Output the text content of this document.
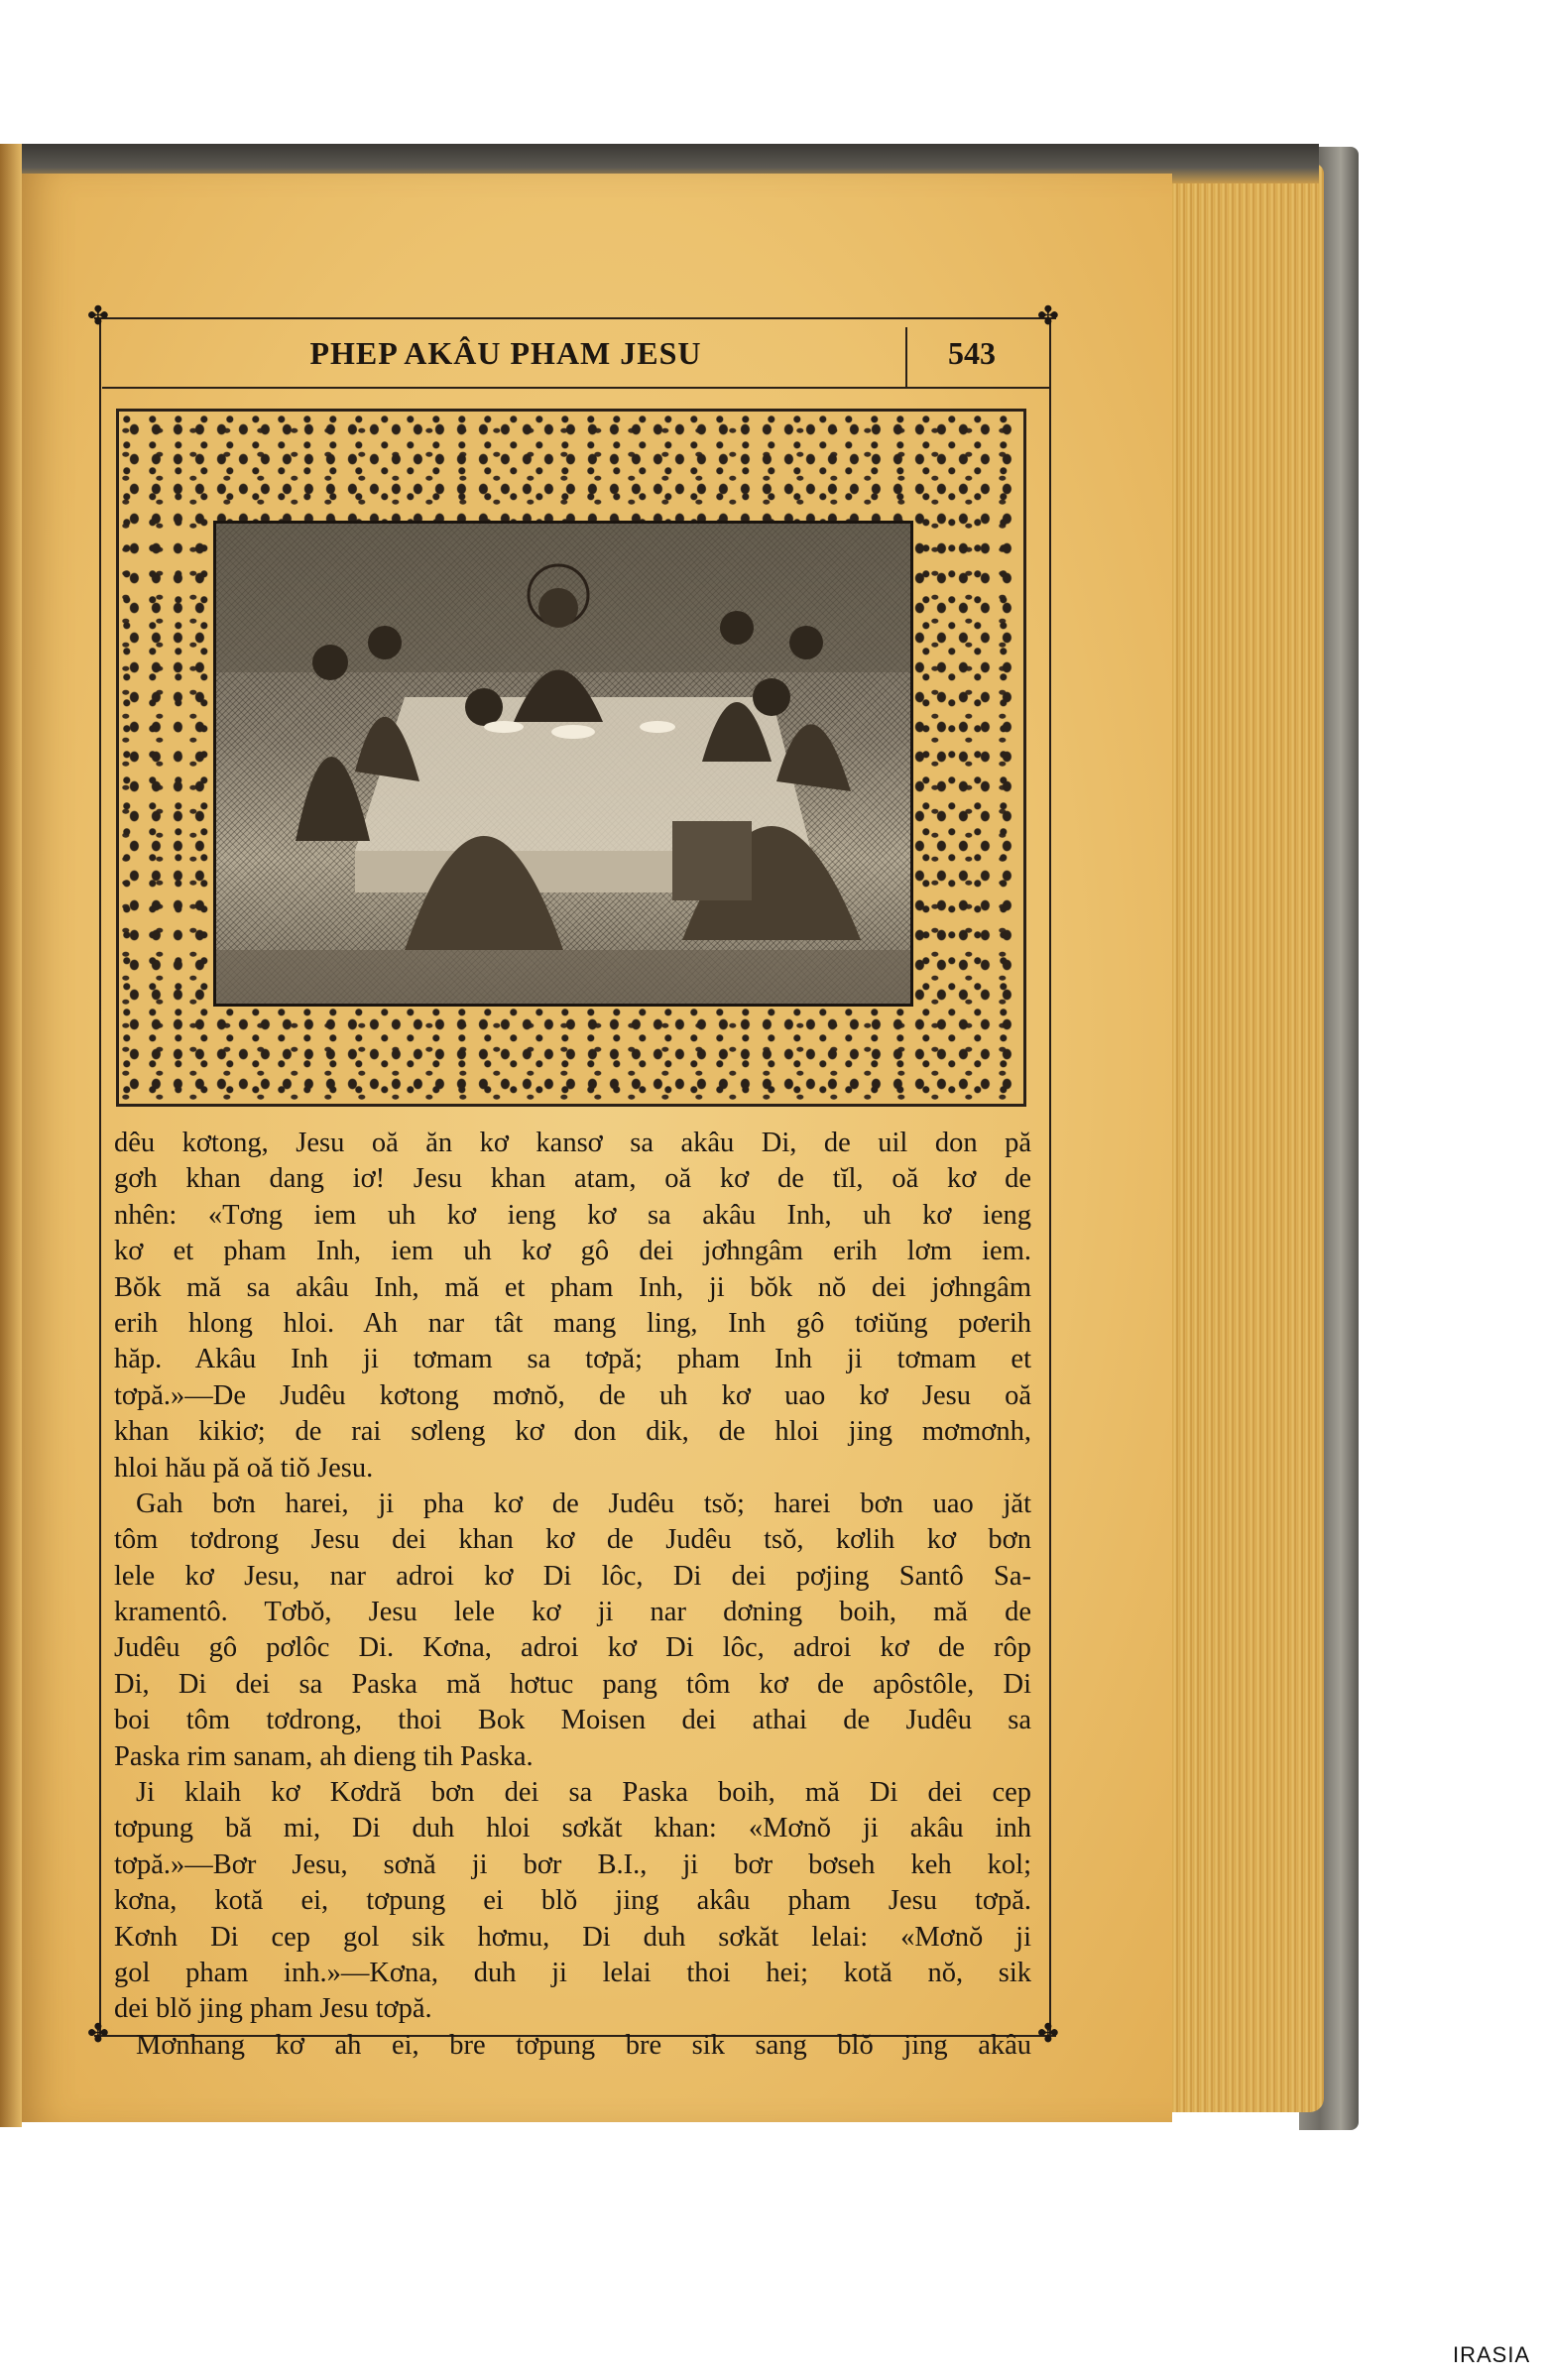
✤	✤
✤	✤
PHEP AKÂU PHAM JESU	543
dêu kơtong, Jesu oă ăn kơ kansơ sa akâu Di, de uil don pă
gơh khan dang iơ! Jesu khan atam, oă kơ de tĭl, oă kơ de
nhên: «Tơng iem uh kơ ieng kơ sa akâu Inh, uh kơ ieng
kơ et pham Inh, iem uh kơ gô dei jơhngâm erih lơm iem.
Bŏk mă sa akâu Inh, mă et pham Inh, ji bŏk nŏ dei jơhngâm
erih hlong hloi. Ah nar tât mang ling, Inh gô tơiŭng pơerih
hăp. Akâu Inh ji tơmam sa tơpă; pham Inh ji tơmam et
tơpă.»—De Judêu kơtong mơnŏ, de uh kơ uao kơ Jesu oă
khan kikiơ; de rai sơleng kơ don dik, de hloi jing mơmơnh,
hloi hău pă oă tiŏ Jesu.
Gah bơn harei, ji pha kơ de Judêu tsŏ; harei bơn uao jăt
tôm tơdrong Jesu dei khan kơ de Judêu tsŏ, kơlih kơ bơn
lele kơ Jesu, nar adroi kơ Di lôc, Di dei pơjing Santô Sa-
kramentô. Tơbŏ, Jesu lele kơ ji nar dơning boih, mă de
Judêu gô pơlôc Di. Kơna, adroi kơ Di lôc, adroi kơ de rôp
Di, Di dei sa Paska mă hơtuc pang tôm kơ de apôstôle, Di
boi tôm tơdrong, thoi Bok Moisen dei athai de Judêu sa
Paska rim sanam, ah dieng tih Paska.
Ji klaih kơ Kơdră bơn dei sa Paska boih, mă Di dei cep
tơpung bă mi, Di duh hloi sơkăt khan: «Mơnŏ ji akâu inh
tơpă.»—Bơr Jesu, sơnă ji bơr B.I., ji bơr bơseh keh kol;
kơna, kotă ei, tơpung ei blŏ jing akâu pham Jesu tơpă.
Kơnh Di cep gol sik hơmu, Di duh sơkăt lelai: «Mơnŏ ji
gol pham inh.»—Kơna, duh ji lelai thoi hei; kotă nŏ, sik
dei blŏ jing pham Jesu tơpă.
Mơnhang kơ ah ei, bre tơpung bre sik sang blŏ jing akâu
IRASIA
